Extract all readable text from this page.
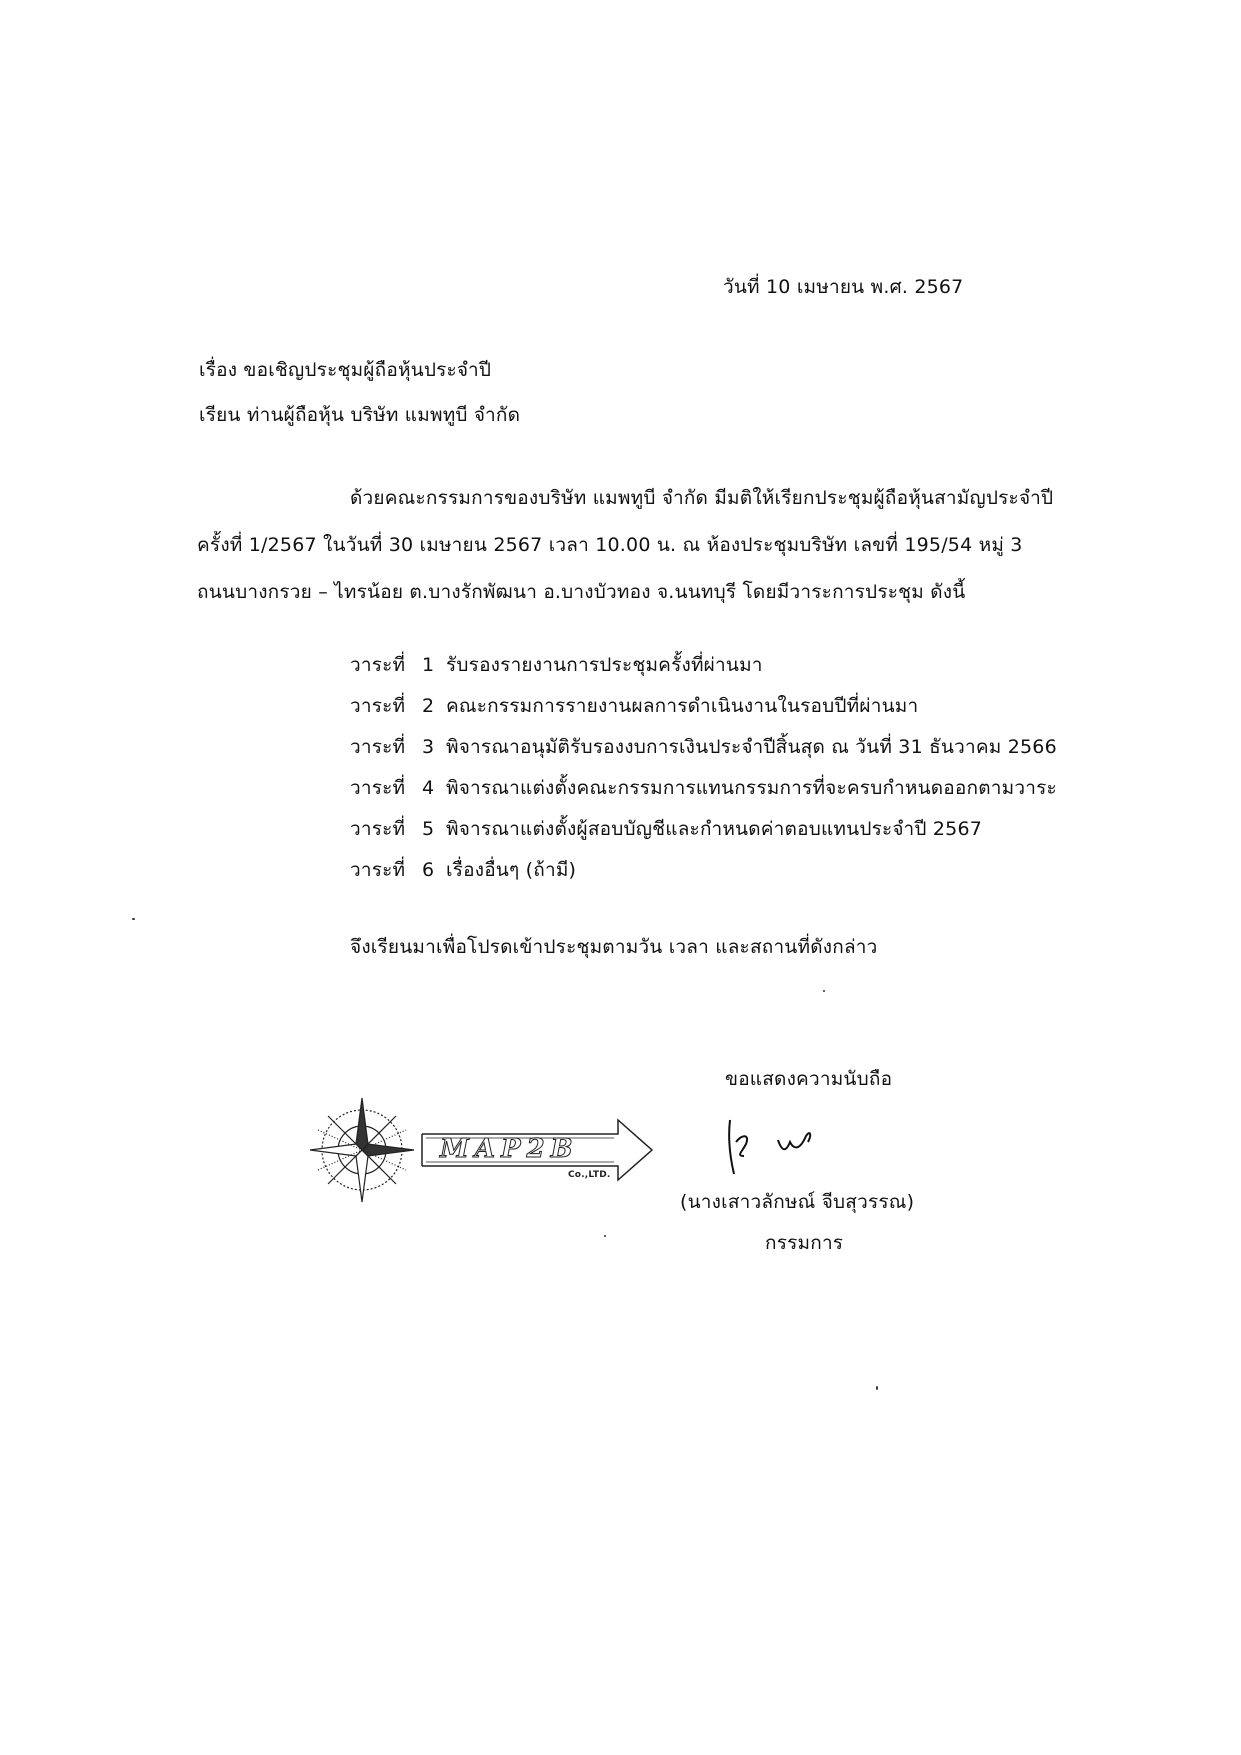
วันที่ 10 เมษายน พ.ศ. 2567
เรื่อง ขอเชิญประชุมผู้ถือหุ้นประจำปี
เรียน ท่านผู้ถือหุ้น บริษัท แมพทูบี จำกัด
ด้วยคณะกรรมการของบริษัท แมพทูบี จำกัด มีมติให้เรียกประชุมผู้ถือหุ้นสามัญประจำปี
ครั้งที่ 1/2567 ในวันที่ 30 เมษายน 2567 เวลา 10.00 น. ณ ห้องประชุมบริษัท เลขที่ 195/54 หมู่ 3
ถนนบางกรวย – ไทรน้อย ต.บางรักพัฒนา อ.บางบัวทอง จ.นนทบุรี โดยมีวาระการประชุม ดังนี้
วาระที่ 1 รับรองรายงานการประชุมครั้งที่ผ่านมา
วาระที่ 2 คณะกรรมการรายงานผลการดำเนินงานในรอบปีที่ผ่านมา
วาระที่ 3 พิจารณาอนุมัติรับรองงบการเงินประจำปีสิ้นสุด ณ วันที่ 31 ธันวาคม 2566
วาระที่ 4 พิจารณาแต่งตั้งคณะกรรมการแทนกรรมการที่จะครบกำหนดออกตามวาระ
วาระที่ 5 พิจารณาแต่งตั้งผู้สอบบัญชีและกำหนดค่าตอบแทนประจำปี 2567
วาระที่ 6 เรื่องอื่นๆ (ถ้ามี)
จึงเรียนมาเพื่อโปรดเข้าประชุมตามวัน เวลา และสถานที่ดังกล่าว
ขอแสดงความนับถือ
MAP2B
Co.,LTD.
(นางเสาวลักษณ์ จีบสุวรรณ)
กรรมการ
